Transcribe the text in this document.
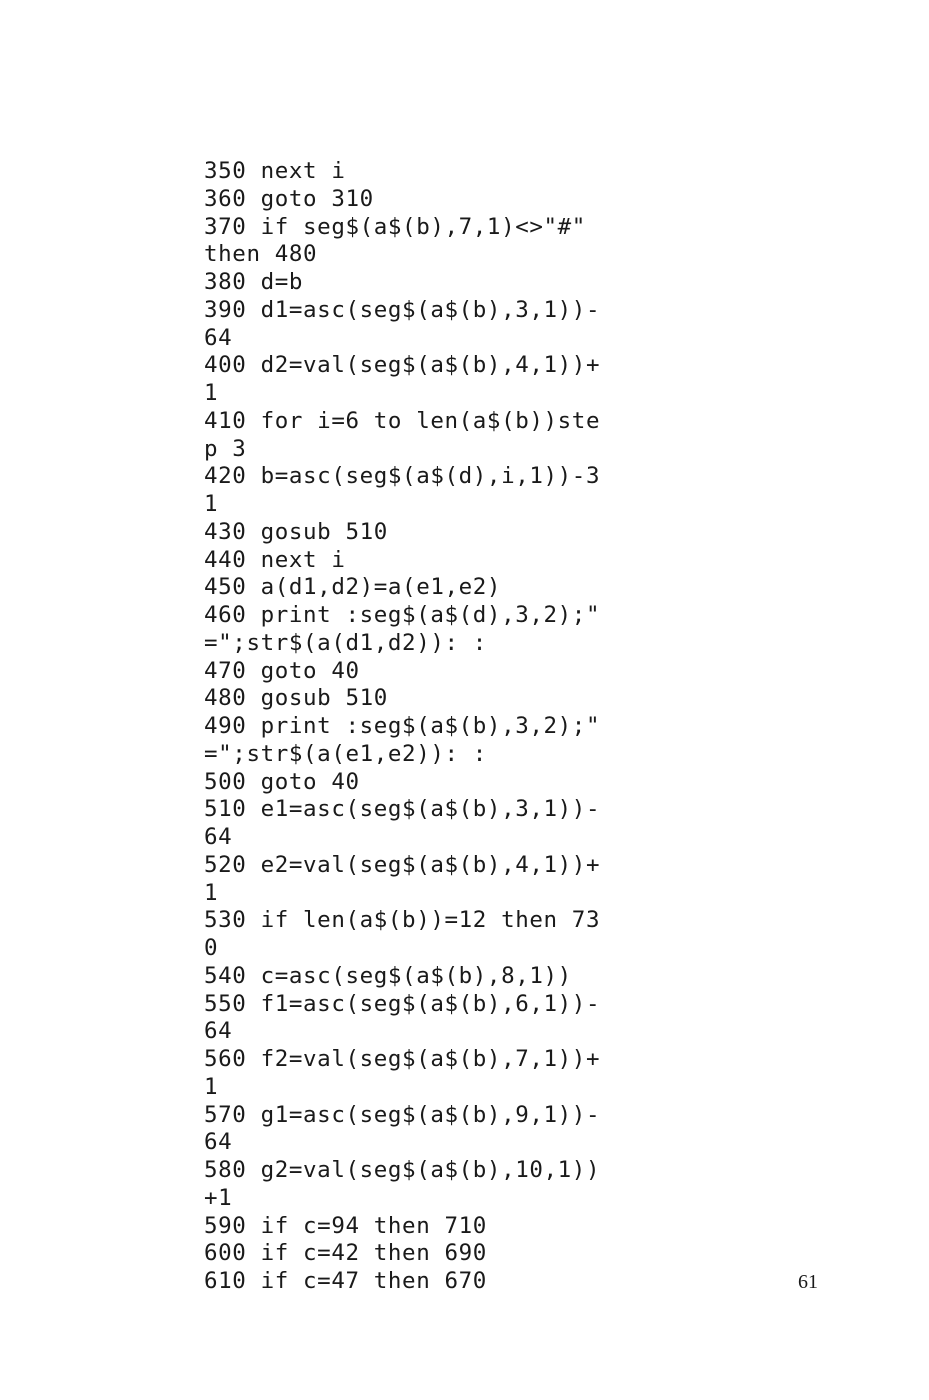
350 next i
360 goto 310
370 if seg$(a$(b),7,1)<>"#"
then 480
380 d=b
390 d1=asc(seg$(a$(b),3,1))-
64
400 d2=val(seg$(a$(b),4,1))+
1
410 for i=6 to len(a$(b))ste
p 3
420 b=asc(seg$(a$(d),i,1))-3
1
430 gosub 510
440 next i
450 a(d1,d2)=a(e1,e2)
460 print :seg$(a$(d),3,2);"
=";str$(a(d1,d2)): :
470 goto 40
480 gosub 510
490 print :seg$(a$(b),3,2);"
=";str$(a(e1,e2)): :
500 goto 40
510 e1=asc(seg$(a$(b),3,1))-
64
520 e2=val(seg$(a$(b),4,1))+
1
530 if len(a$(b))=12 then 73
0
540 c=asc(seg$(a$(b),8,1))
550 f1=asc(seg$(a$(b),6,1))-
64
560 f2=val(seg$(a$(b),7,1))+
1
570 g1=asc(seg$(a$(b),9,1))-
64
580 g2=val(seg$(a$(b),10,1))
+1
590 if c=94 then 710
600 if c=42 then 690
610 if c=47 then 670	61
